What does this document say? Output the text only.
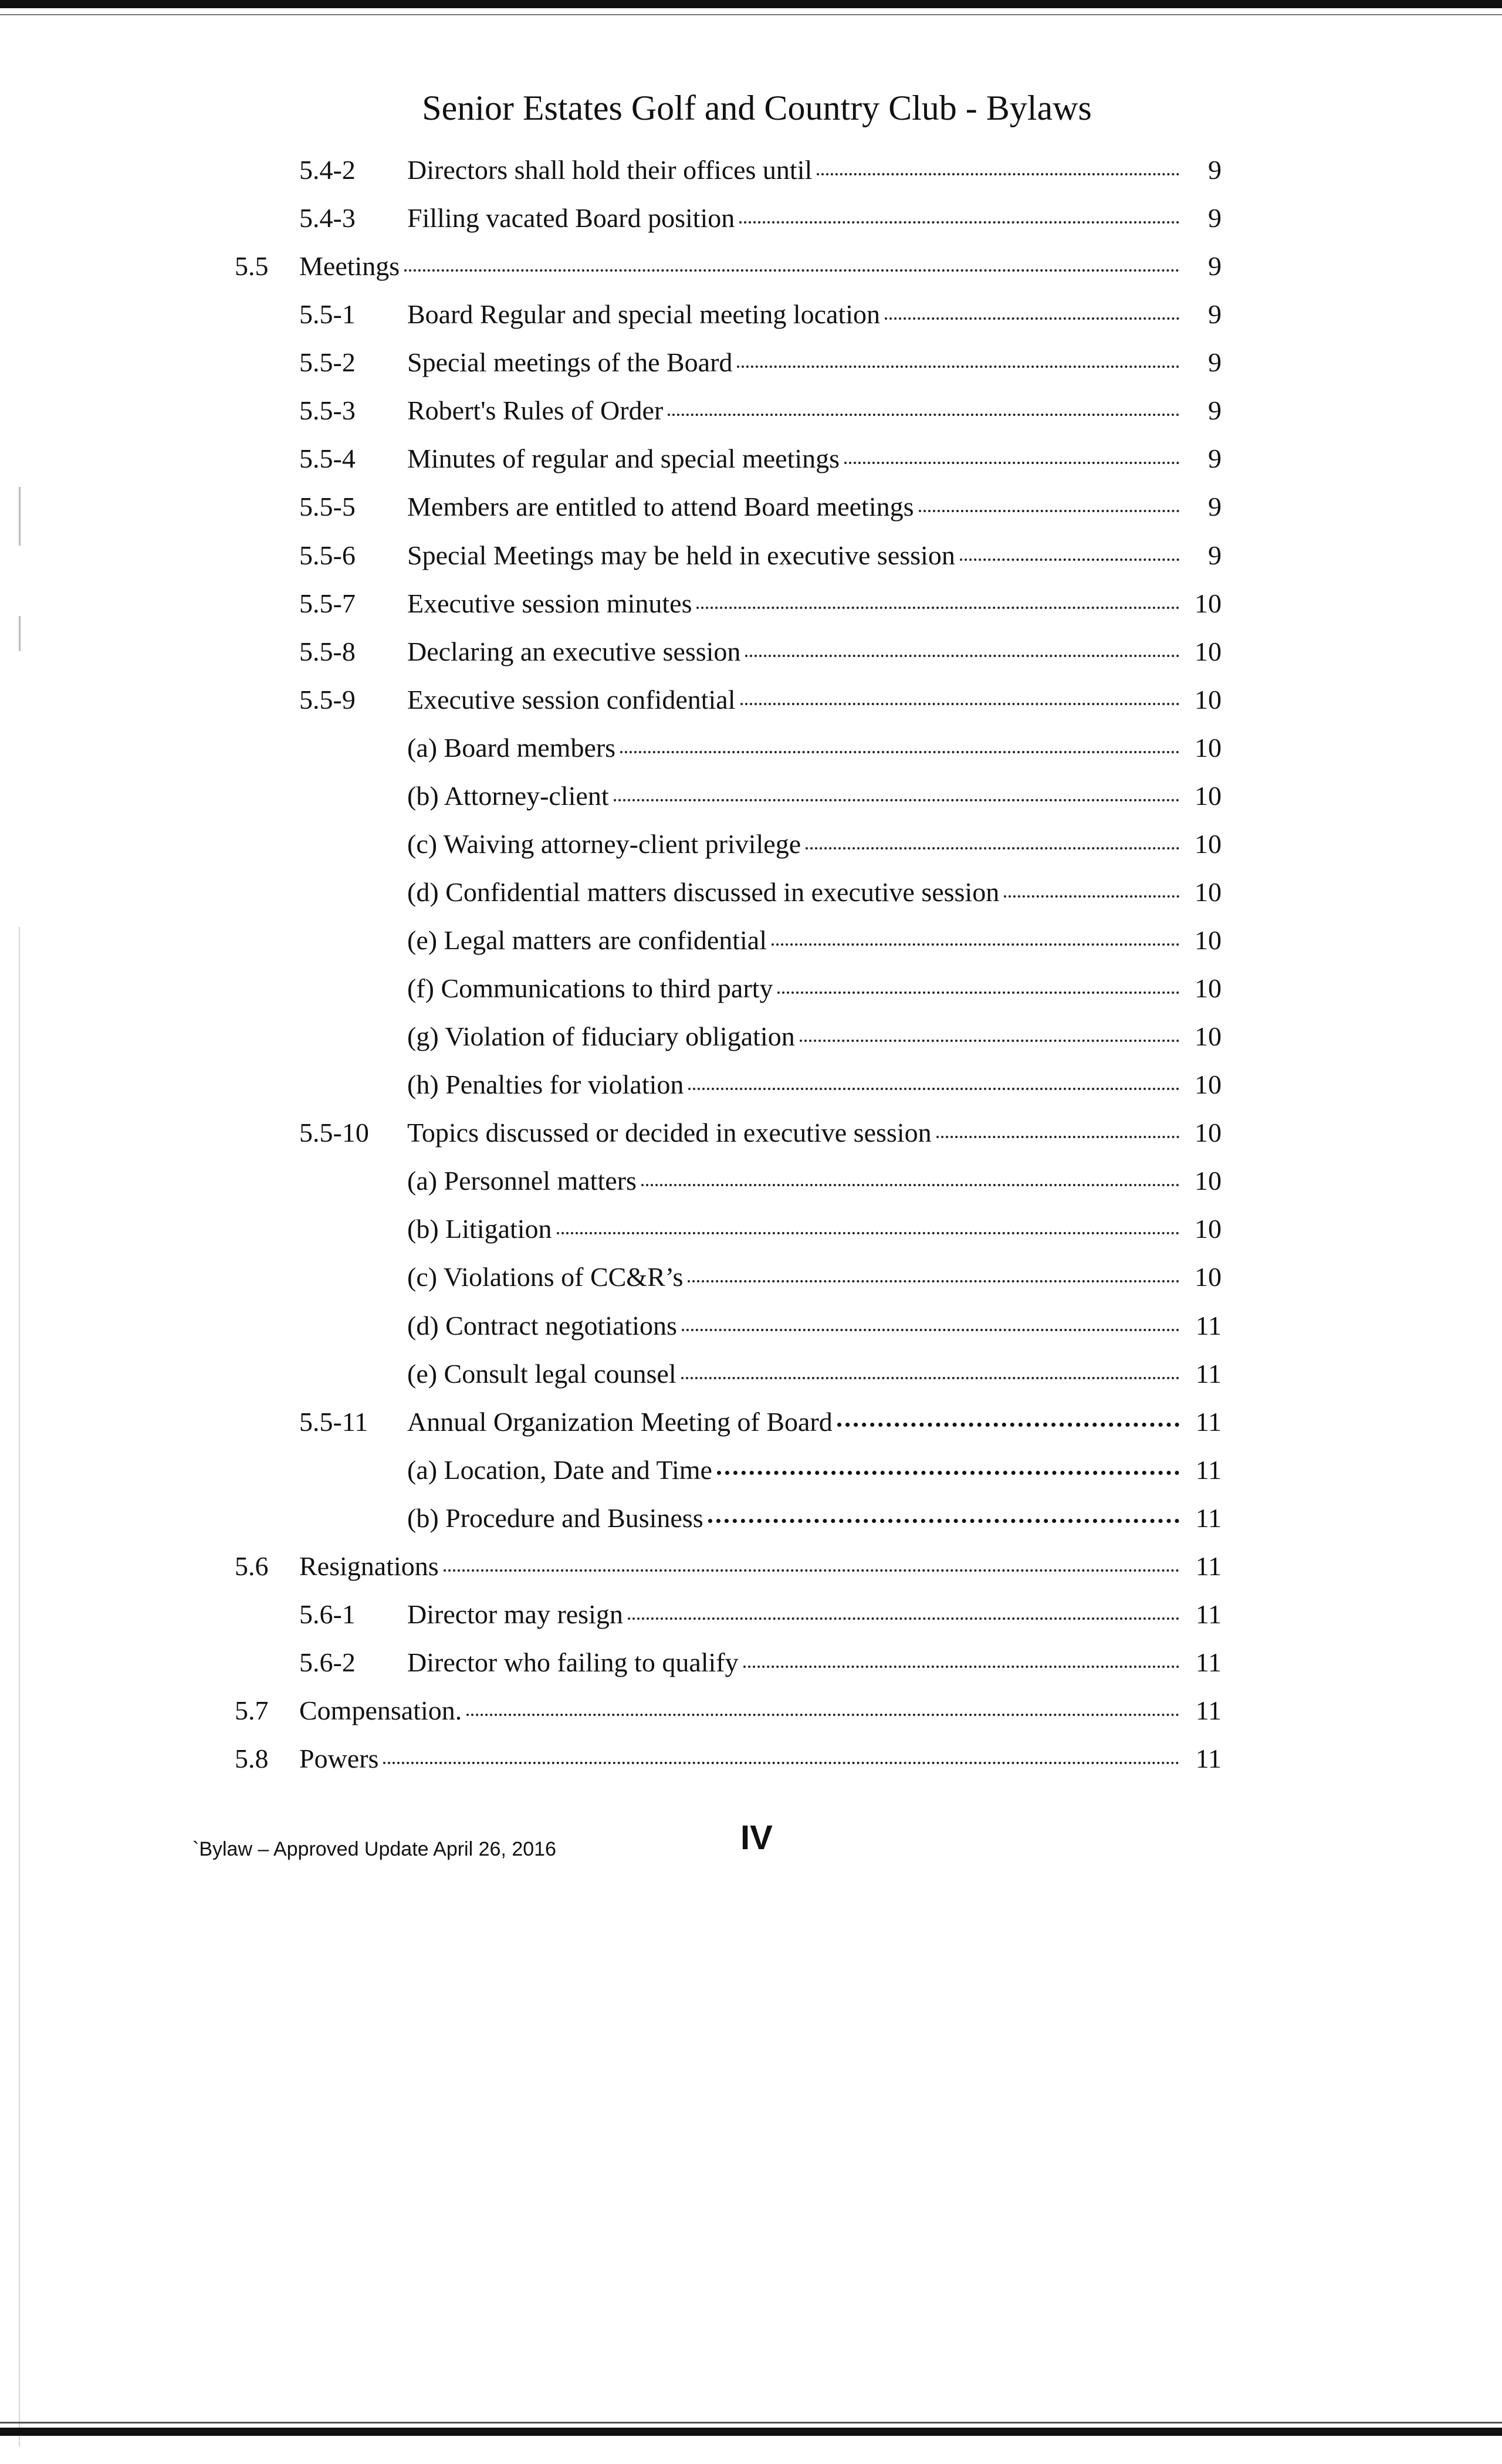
Senior Estates Golf and Country Club - Bylaws
5.4-2 Directors shall hold their offices until	9
5.4-3 Filling vacated Board position	9
5.5 Meetings	9
5.5-1 Board Regular and special meeting location	9
5.5-2 Special meetings of the Board	9
5.5-3 Robert's Rules of Order	9
5.5-4 Minutes of regular and special meetings	9
5.5-5 Members are entitled to attend Board meetings	9
5.5-6 Special Meetings may be held in executive session	9
5.5-7 Executive session minutes	10
5.5-8 Declaring an executive session	10
5.5-9 Executive session confidential	10
(a) Board members	10
(b) Attorney-client	10
(c) Waiving attorney-client privilege	10
(d) Confidential matters discussed in executive session	10
(e) Legal matters are confidential	10
(f) Communications to third party	10
(g) Violation of fiduciary obligation	10
(h) Penalties for violation	10
5.5-10 Topics discussed or decided in executive session	10
(a) Personnel matters	10
(b) Litigation	10
(c) Violations of CC&R’s	10
(d) Contract negotiations	11
(e) Consult legal counsel	11
5.5-11 Annual Organization Meeting of Board	11
(a) Location, Date and Time	11
(b) Procedure and Business	11
5.6 Resignations	11
5.6-1 Director may resign	11
5.6-2 Director who failing to qualify	11
5.7 Compensation.	11
5.8 Powers	11
`Bylaw – Approved Update April 26, 2016	IV
